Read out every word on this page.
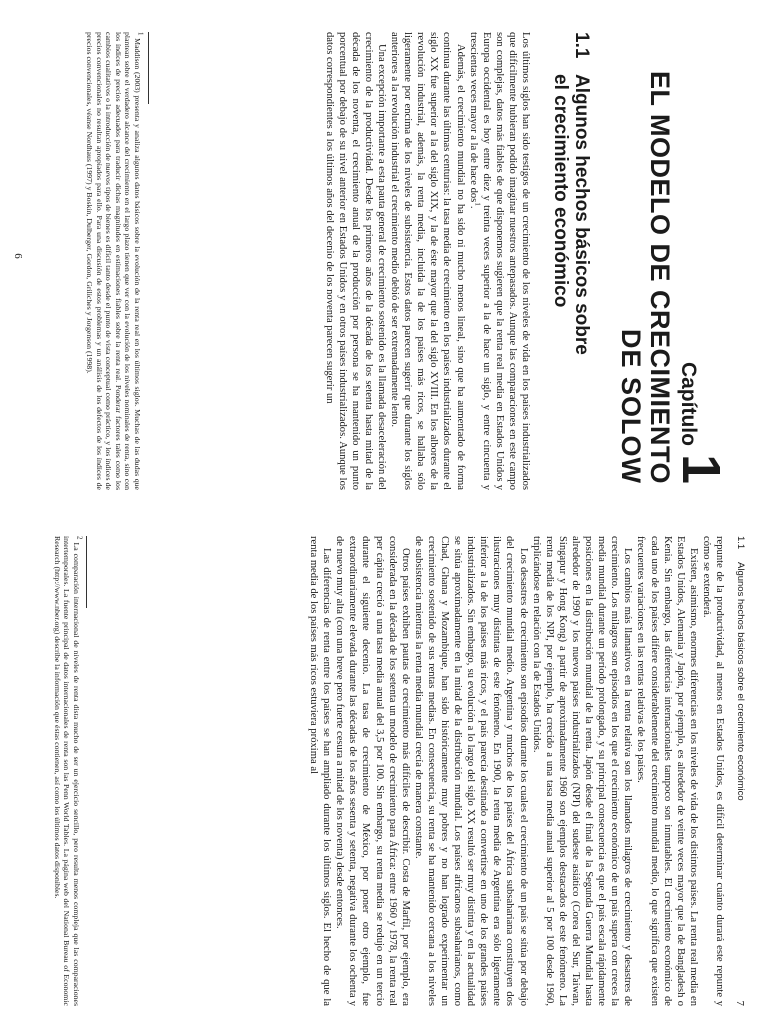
Capítulo1
EL MODELO DE CRECIMIENTO
DE SOLOW
1.1Algunos hechos básicos sobre
el crecimiento económico

Los últimos siglos han sido testigos de un crecimiento de los niveles de vida en los países industrializados que difícilmente hubieran podido imaginar nuestros antepasados. Aunque las comparaciones en este campo son complejas, datos más fiables de que disponemos sugieren que la renta real media en Estados Unidos y Europa occidental es hoy entre diez y treinta veces superior a la de hace un siglo, y entre cincuenta y trescientas veces mayor a la de hace dos$^1$.

Además, el crecimiento mundial no ha sido ni mucho menos lineal, sino que ha aumentado de forma continua durante las últimas centurias: la tasa media de crecimiento en los países industrializados durante el siglo XX fue superior a la del siglo XIX, y la de éste mayor que la del siglo XVIII. En los albores de la revolución industrial, además, la renta media, incluida la de los países más ricos, se hallaba sólo ligeramente por encima de los niveles de subsistencia. Estos datos parecen sugerir que durante los siglos anteriores a la revolución industrial el crecimiento medio debió de ser extremadamente lento.

Una excepción importante a esta pauta general de crecimiento sostenido es la llamada desaceleración del crecimiento de la productividad. Desde los primeros años de la década de los setenta hasta mitad de la década de los noventa, el crecimiento anual de la producción por persona se ha mantenido un punto porcentual por debajo de su nivel anterior en Estados Unidos y en otros países industrializados. Aunque los datos correspondientes a los últimos años del decenio de los noventa parecen sugerir un

$^1$ Maddison (2003) presenta y analiza algunos datos básicos sobre la evolución de la renta real en los últimos siglos. Muchas de las dudas que plantean sobre el verdadero alcance del crecimiento en el largo plazo tienen que ver con la evolución de los niveles nominales de renta, sino con los índices de precios adecuados para traducir dichas magnitudes en estimaciones fiables sobre la renta real. Ponderar factores tales como los cambios cualitativos o la introducción de nuevos tipos de bienes es difícil tanto desde el punto de vista conceptual como práctico, y los índices de precios convencionales no resultan apropiados para ello. Para una discusión de estos problemas y un análisis de los defectos de los índices de precios convencionales, véanse Nordhaus (1997) y Boskin, Dulberger, Gordon, Griliches y Jorgenson (1998).

6
1.1Algunos hechos básicos sobre el crecimiento económico
7

repunte de la productividad, al menos en Estados Unidos, es difícil determinar cuánto durará este repunte y cómo se extenderá.

Existen, asimismo, enormes diferencias en los niveles de vida de los distintos países. La renta real media en Estados Unidos, Alemania y Japón, por ejemplo, es alrededor de veinte veces mayor que la de Bangladesh o Kenia. Sin embargo, las diferencias internacionales tampoco son inmutables. El crecimiento económico de cada uno de los países difiere considerablemente del crecimiento mundial medio, lo que significa que existen frecuentes variaciones en las rentas relativas de los países.

Los cambios más llamativos en la renta relativa son los llamados milagros de crecimiento y desastres de crecimiento. Los milagros son episodios en los que el crecimiento económico de un país supera con creces la media mundial durante un período prolongado, y su principal consecuencia es que el país escala rápidamente posiciones en la distribución mundial de la renta. Japón desde el final de la Segunda Guerra Mundial hasta alrededor de 1990 y los nuevos países industrializados (NPI) del sudeste asiático (Corea del Sur, Taiwan, Singapur y Hong Kong) a partir de aproximadamente 1960 son ejemplos destacados de este fenómeno. La renta media de los NPI, por ejemplo, ha crecido a una tasa media anual superior al 5 por 100 desde 1960, triplicándose en relación con la de Estados Unidos.

Los desastres de crecimiento son episodios durante los cuales el crecimiento de un país se sitúa por debajo del crecimiento mundial medio. Argentina y muchos de los países del África subsahariana constituyen dos ilustraciones muy distintas de este fenómeno. En 1900, la renta media de Argentina era sólo ligeramente inferior a la de los países más ricos, y el país parecía destinado a convertirse en uno de los grandes países industrializados. Sin embargo, su evolución a lo largo del siglo XX resultó ser muy distinta y en la actualidad se sitúa aproximadamente en la mitad de la distribución mundial. Los países africanos subsaharianos, como Chad, Ghana y Mozambique, han sido históricamente muy pobres y no han logrado experimentar un crecimiento sostenido de sus rentas medias. En consecuencia, su renta se ha mantenido cercana a los niveles de subsistencia mientras la renta media mundial crecía de manera constante.

Otros países exhiben pautas de crecimiento más difíciles de describir. Costa de Marfil, por ejemplo, era considerada en la década de los setenta un modelo de crecimiento para África: entre 1960 y 1978, la renta real per cápita creció a una tasa media anual del 3,5 por 100. Sin embargo, su renta media se redujo en un tercio durante el siguiente decenio. La tasa de crecimiento de México, por poner otro ejemplo, fue extraordinariamente elevada durante las décadas de los años sesenta y setenta, negativa durante los ochenta y de nuevo muy alta (con una breve pero fuerte cesura a mitad de los noventa) desde entonces.

Las diferencias de renta entre los países se han ampliado durante los últimos siglos. El hecho de que la renta media de los países más ricos estuviera próxima al

$^2$ La comparación internacional de niveles de renta dista mucho de ser un ejercicio sencillo, pero resulta menos compleja que las comparaciones intertemporales. La fuente principal de datos internacionales de renta son las Penn World Tables. La página web del National Bureau of Economic Research (http://www.nber.org) describe la información que éstas contienen, así como los últimos datos disponibles.
